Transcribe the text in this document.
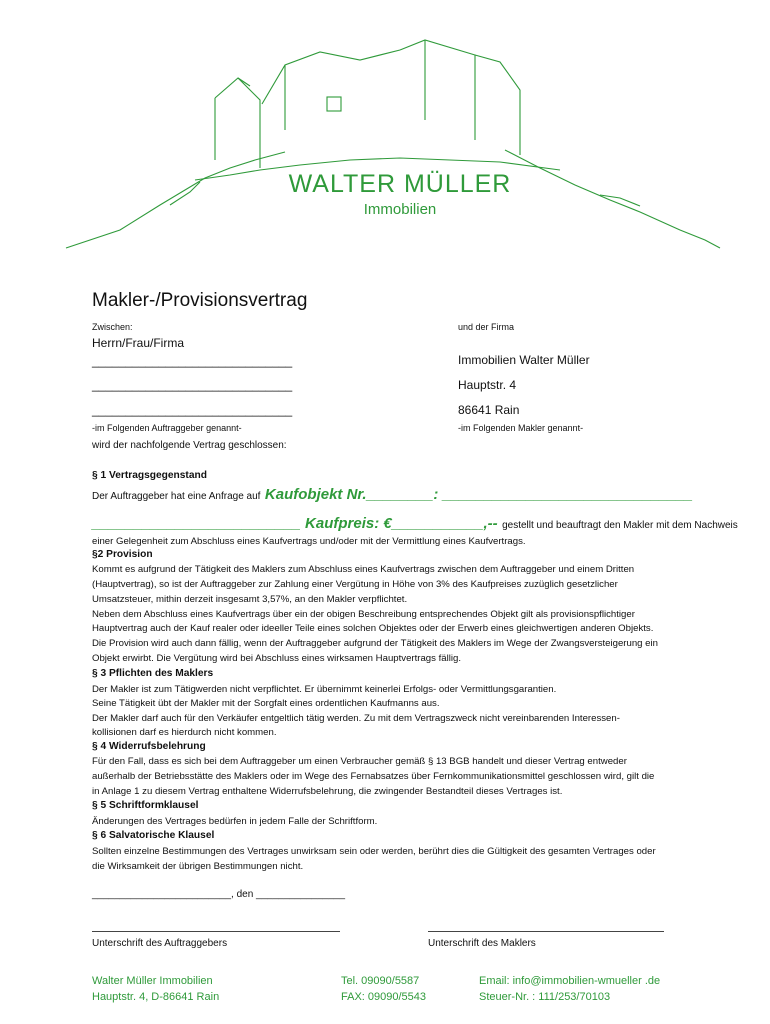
WALTER MÜLLER
Immobilien
Makler-/Provisionsvertrag
Zwischen:	und der Firma
Herrn/Frau/Firma
______________________________
______________________________
______________________________
-im Folgenden Auftraggeber genannt-
Immobilien Walter Müller
Hauptstr. 4
86641 Rain
-im Folgenden Makler genannt-
wird der nachfolgende Vertrag geschlossen:
§ 1 Vertragsgegenstand
Der Auftraggeber hat eine Anfrage auf Kaufobjekt Nr.________: ______________________________
_________________________ Kaufpreis: €___________,-- gestellt und beauftragt den Makler mit dem Nachweis
einer Gelegenheit zum Abschluss eines Kaufvertrags und/oder mit der Vermittlung eines Kaufvertrags.
§2 Provision
Kommt es aufgrund der Tätigkeit des Maklers zum Abschluss eines Kaufvertrags zwischen dem Auftraggeber und einem Dritten
(Hauptvertrag), so ist der Auftraggeber zur Zahlung einer Vergütung in Höhe von 3% des Kaufpreises zuzüglich gesetzlicher
Umsatzsteuer, mithin derzeit insgesamt 3,57%, an den Makler verpflichtet.
Neben dem Abschluss eines Kaufvertrags über ein der obigen Beschreibung entsprechendes Objekt gilt als provisionspflichtiger
Hauptvertrag auch der Kauf realer oder ideeller Teile eines solchen Objektes oder der Erwerb eines gleichwertigen anderen Objekts.
Die Provision wird auch dann fällig, wenn der Auftraggeber aufgrund der Tätigkeit des Maklers im Wege der Zwangsversteigerung ein
Objekt erwirbt. Die Vergütung wird bei Abschluss eines wirksamen Hauptvertrags fällig.
§ 3 Pflichten des Maklers
Der Makler ist zum Tätigwerden nicht verpflichtet. Er übernimmt keinerlei Erfolgs- oder Vermittlungsgarantien.
Seine Tätigkeit übt der Makler mit der Sorgfalt eines ordentlichen Kaufmanns aus.
Der Makler darf auch für den Verkäufer entgeltlich tätig werden. Zu mit dem Vertragszweck nicht vereinbarenden Interessen-
kollisionen darf es hierdurch nicht kommen.
§ 4 Widerrufsbelehrung
Für den Fall, dass es sich bei dem Auftraggeber um einen Verbraucher gemäß § 13 BGB handelt und dieser Vertrag entweder
außerhalb der Betriebsstätte des Maklers oder im Wege des Fernabsatzes über Fernkommunikationsmittel geschlossen wird, gilt die
in Anlage 1 zu diesem Vertrag enthaltene Widerrufsbelehrung, die zwingender Bestandteil dieses Vertrages ist.
§ 5 Schriftformklausel
Änderungen des Vertrages bedürfen in jedem Falle der Schriftform.
§ 6 Salvatorische Klausel
Sollten einzelne Bestimmungen des Vertrages unwirksam sein oder werden, berührt dies die Gültigkeit des gesamten Vertrages oder
die Wirksamkeit der übrigen Bestimmungen nicht.
_________________________, den ________________
Unterschrift des Auftraggebers	Unterschrift des Maklers
Walter Müller Immobilien
Hauptstr. 4, D-86641 Rain
Tel. 09090/5587
FAX: 09090/5543
Email: info@immobilien-wmueller .de
Steuer-Nr. : 111/253/70103
